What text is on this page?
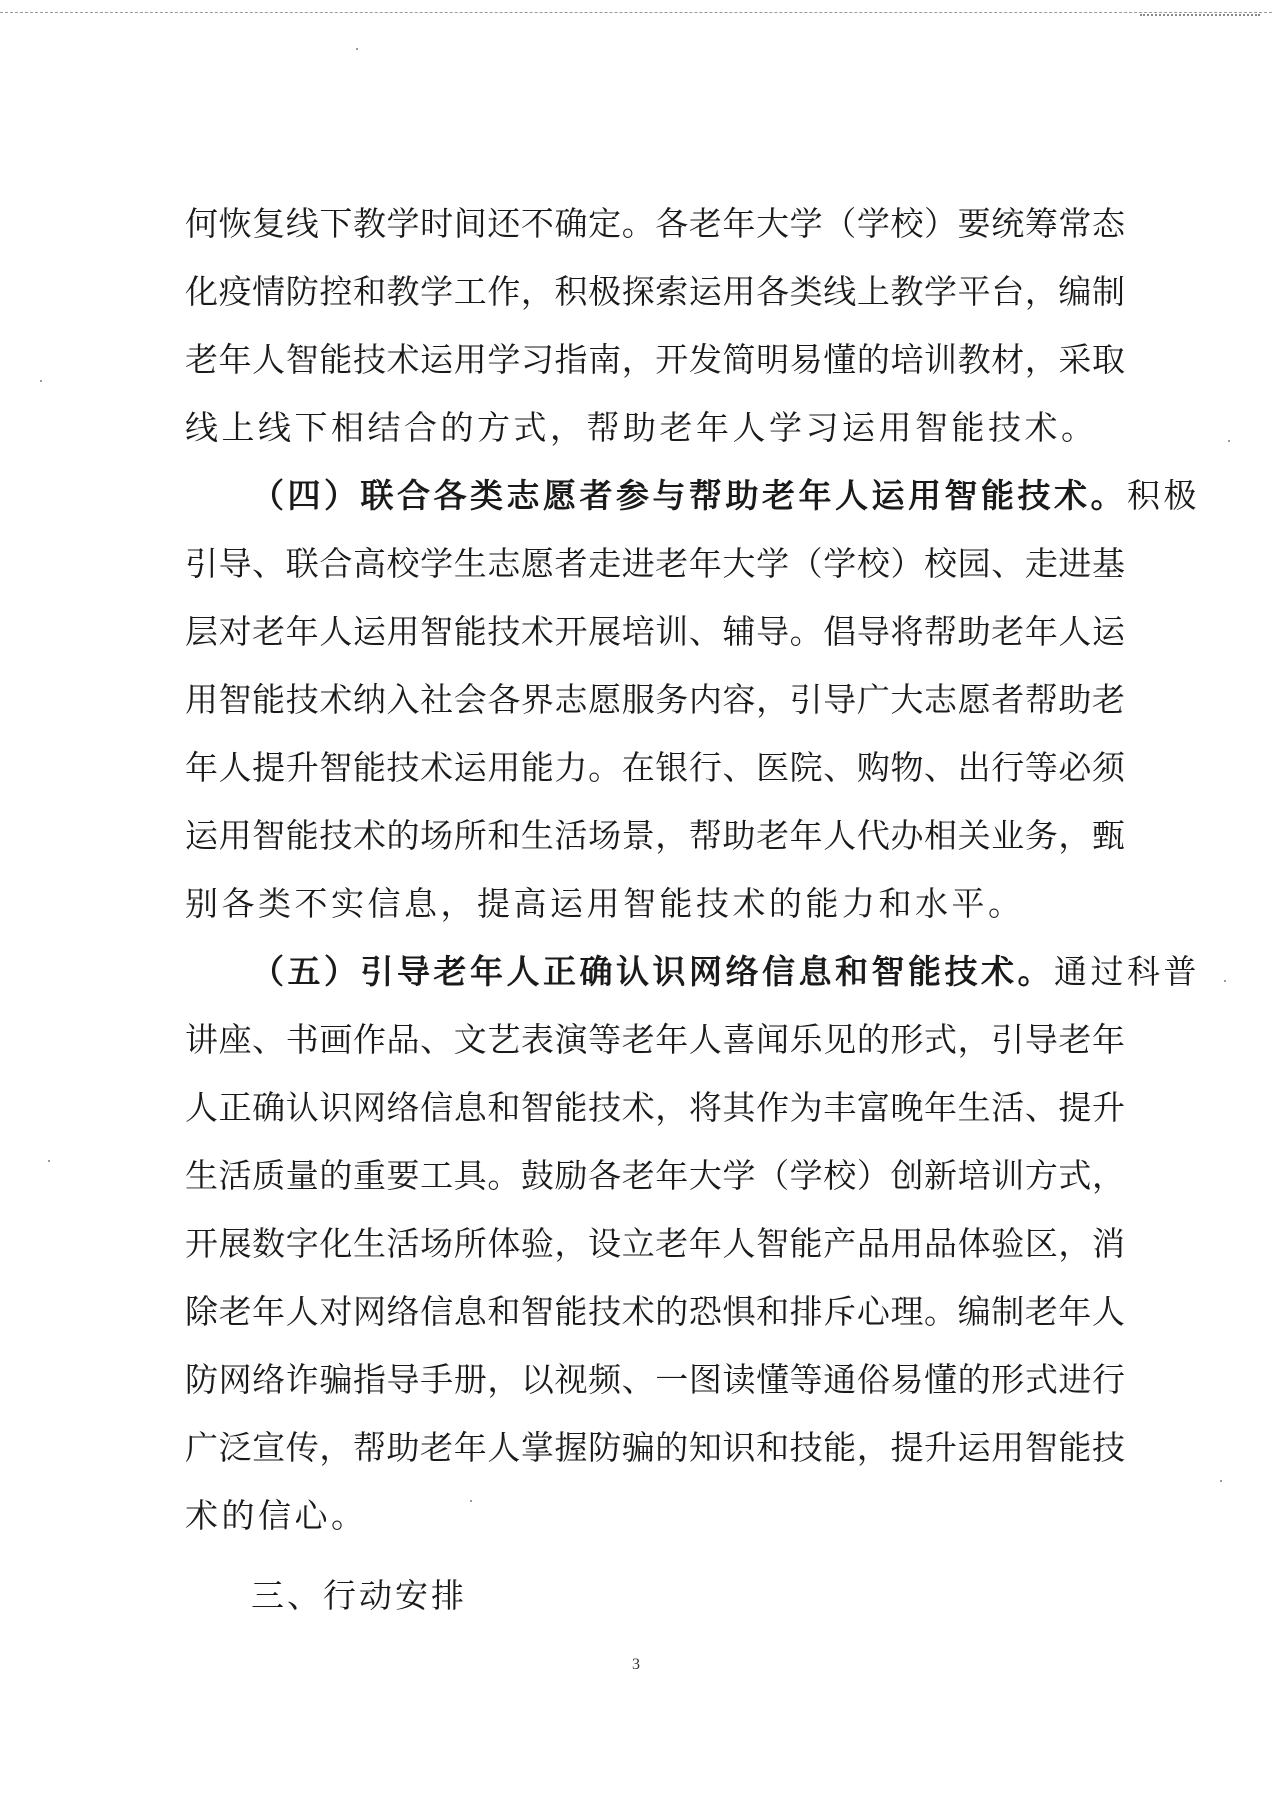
何恢复线下教学时间还不确定。各老年大学（学校）要统筹常态
化疫情防控和教学工作，积极探索运用各类线上教学平台，编制
老年人智能技术运用学习指南，开发简明易懂的培训教材，采取
线上线下相结合的方式，帮助老年人学习运用智能技术。
（四）联合各类志愿者参与帮助老年人运用智能技术。积极
引导、联合高校学生志愿者走进老年大学（学校）校园、走进基
层对老年人运用智能技术开展培训、辅导。倡导将帮助老年人运
用智能技术纳入社会各界志愿服务内容，引导广大志愿者帮助老
年人提升智能技术运用能力。在银行、医院、购物、出行等必须
运用智能技术的场所和生活场景，帮助老年人代办相关业务，甄
别各类不实信息，提高运用智能技术的能力和水平。
（五）引导老年人正确认识网络信息和智能技术。通过科普
讲座、书画作品、文艺表演等老年人喜闻乐见的形式，引导老年
人正确认识网络信息和智能技术，将其作为丰富晚年生活、提升
生活质量的重要工具。鼓励各老年大学（学校）创新培训方式，
开展数字化生活场所体验，设立老年人智能产品用品体验区，消
除老年人对网络信息和智能技术的恐惧和排斥心理。编制老年人
防网络诈骗指导手册，以视频、一图读懂等通俗易懂的形式进行
广泛宣传，帮助老年人掌握防骗的知识和技能，提升运用智能技
术的信心。
三、行动安排
3
